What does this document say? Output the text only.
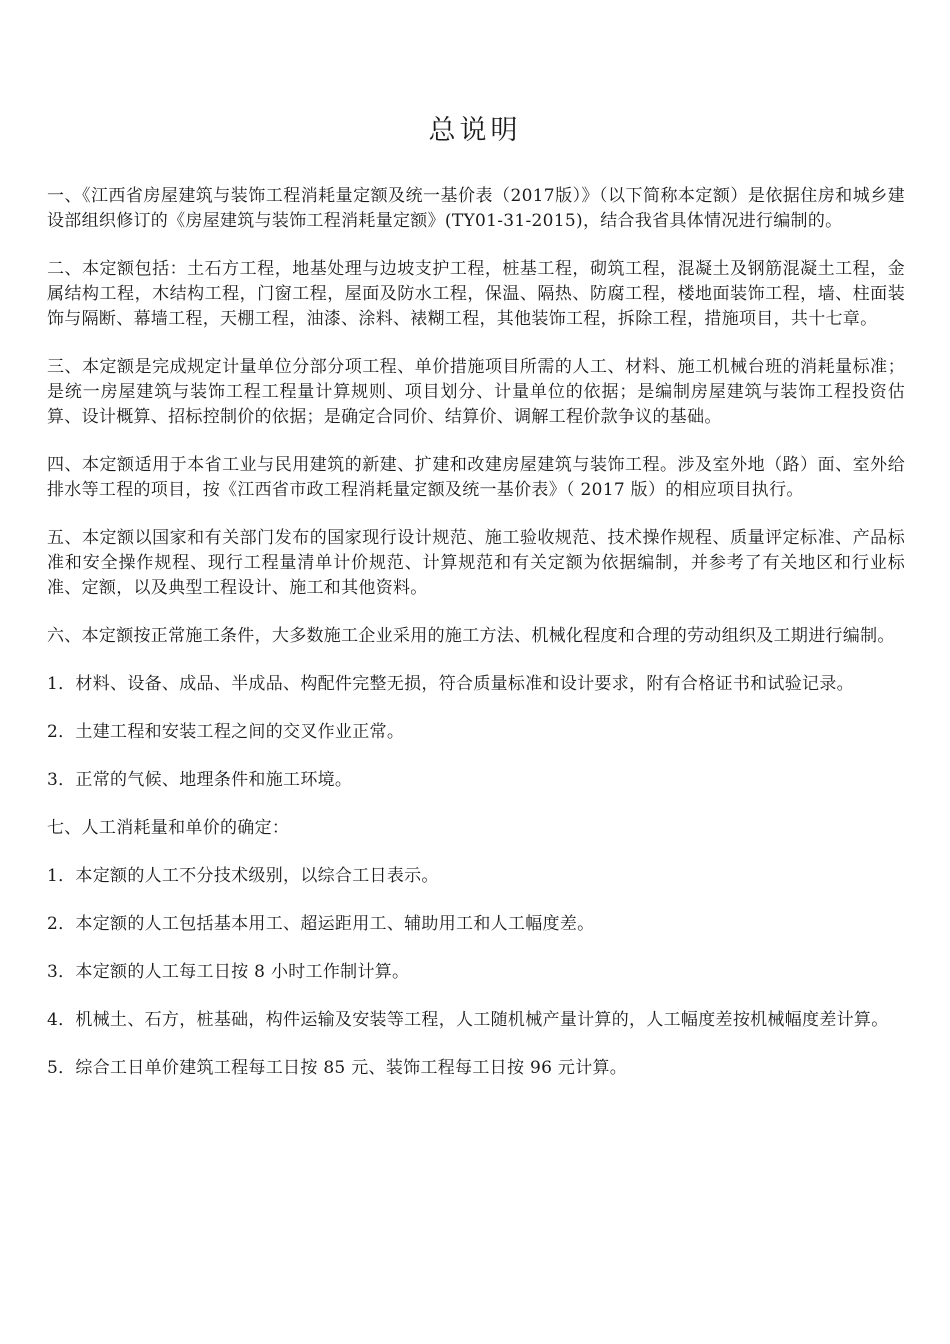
总说明

一、《江西省房屋建筑与装饰工程消耗量定额及统一基价表（2017版）》（以下简称本定额）是依据住房和城乡建设部组织修订的《房屋建筑与装饰工程消耗量定额》(TY01-31-2015)，结合我省具体情况进行编制的。

二、本定额包括：土石方工程，地基处理与边坡支护工程，桩基工程，砌筑工程，混凝土及钢筋混凝土工程，金属结构工程，木结构工程，门窗工程，屋面及防水工程，保温、隔热、防腐工程，楼地面装饰工程，墙、柱面装饰与隔断、幕墙工程，天棚工程，油漆、涂料、裱糊工程，其他装饰工程，拆除工程，措施项目，共十七章。

三、本定额是完成规定计量单位分部分项工程、单价措施项目所需的人工、材料、施工机械台班的消耗量标准；是统一房屋建筑与装饰工程工程量计算规则、项目划分、计量单位的依据；是编制房屋建筑与装饰工程投资估算、设计概算、招标控制价的依据；是确定合同价、结算价、调解工程价款争议的基础。

四、本定额适用于本省工业与民用建筑的新建、扩建和改建房屋建筑与装饰工程。涉及室外地（路）面、室外给排水等工程的项目，按《江西省市政工程消耗量定额及统一基价表》（ 2017 版）的相应项目执行。

五、本定额以国家和有关部门发布的国家现行设计规范、施工验收规范、技术操作规程、质量评定标准、产品标准和安全操作规程、现行工程量清单计价规范、计算规范和有关定额为依据编制，并参考了有关地区和行业标准、定额，以及典型工程设计、施工和其他资料。

六、本定额按正常施工条件，大多数施工企业采用的施工方法、机械化程度和合理的劳动组织及工期进行编制。

1．材料、设备、成品、半成品、构配件完整无损，符合质量标准和设计要求，附有合格证书和试验记录。

2．土建工程和安装工程之间的交叉作业正常。

3．正常的气候、地理条件和施工环境。

七、人工消耗量和单价的确定：

1．本定额的人工不分技术级别，以综合工日表示。

2．本定额的人工包括基本用工、超运距用工、辅助用工和人工幅度差。

3．本定额的人工每工日按 8 小时工作制计算。

4．机械土、石方，桩基础，构件运输及安装等工程，人工随机械产量计算的，人工幅度差按机械幅度差计算。

5．综合工日单价建筑工程每工日按 85 元、装饰工程每工日按 96 元计算。
